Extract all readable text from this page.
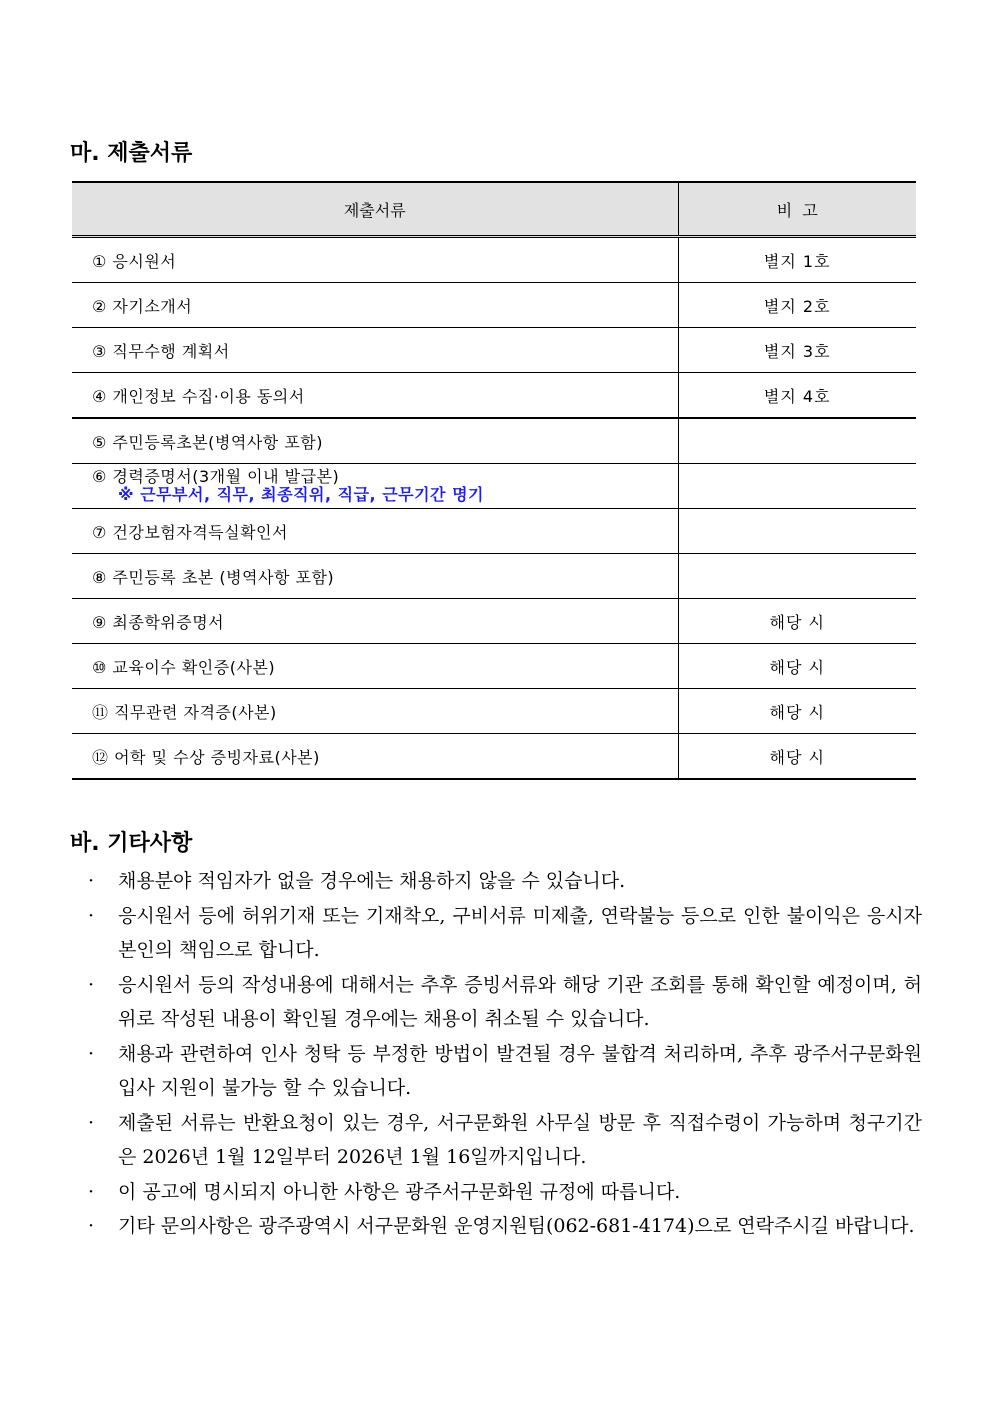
마. 제출서류
제출서류	비  고
① 응시원서	별지 1호
② 자기소개서	별지 2호
③ 직무수행 계획서	별지 3호
④ 개인정보 수집·이용 동의서	별지 4호
⑤ 주민등록초본(병역사항 포함)	

⑥ 경력증명서(3개월 이내 발급본)
※ 근무부서, 직무, 최종직위, 직급, 근무기간 명기	

⑦ 건강보험자격득실확인서	
⑧ 주민등록 초본 (병역사항 포함)	
⑨ 최종학위증명서	해당 시
⑩ 교육이수 확인증(사본)	해당 시
⑪ 직무관련 자격증(사본)	해당 시
⑫ 어학 및 수상 증빙자료(사본)	해당 시
바. 기타사항
· 채용분야 적임자가 없을 경우에는 채용하지 않을 수 있습니다.
· 응시원서 등에 허위기재 또는 기재착오, 구비서류 미제출, 연락불능 등으로 인한 불이익은 응시자 본인의 책임으로 합니다.
· 응시원서 등의 작성내용에 대해서는 추후 증빙서류와 해당 기관 조회를 통해 확인할 예정이며, 허위로 작성된 내용이 확인될 경우에는 채용이 취소될 수 있습니다.
· 채용과 관련하여 인사 청탁 등 부정한 방법이 발견될 경우 불합격 처리하며, 추후 광주서구문화원 입사 지원이 불가능 할 수 있습니다.
· 제출된 서류는 반환요청이 있는 경우, 서구문화원 사무실 방문 후 직접수령이 가능하며 청구기간은 2026년 1월 12일부터 2026년 1월 16일까지입니다.
· 이 공고에 명시되지 아니한 사항은 광주서구문화원 규정에 따릅니다.
· 기타 문의사항은 광주광역시 서구문화원 운영지원팀(062-681-4174)으로 연락주시길 바랍니다.
